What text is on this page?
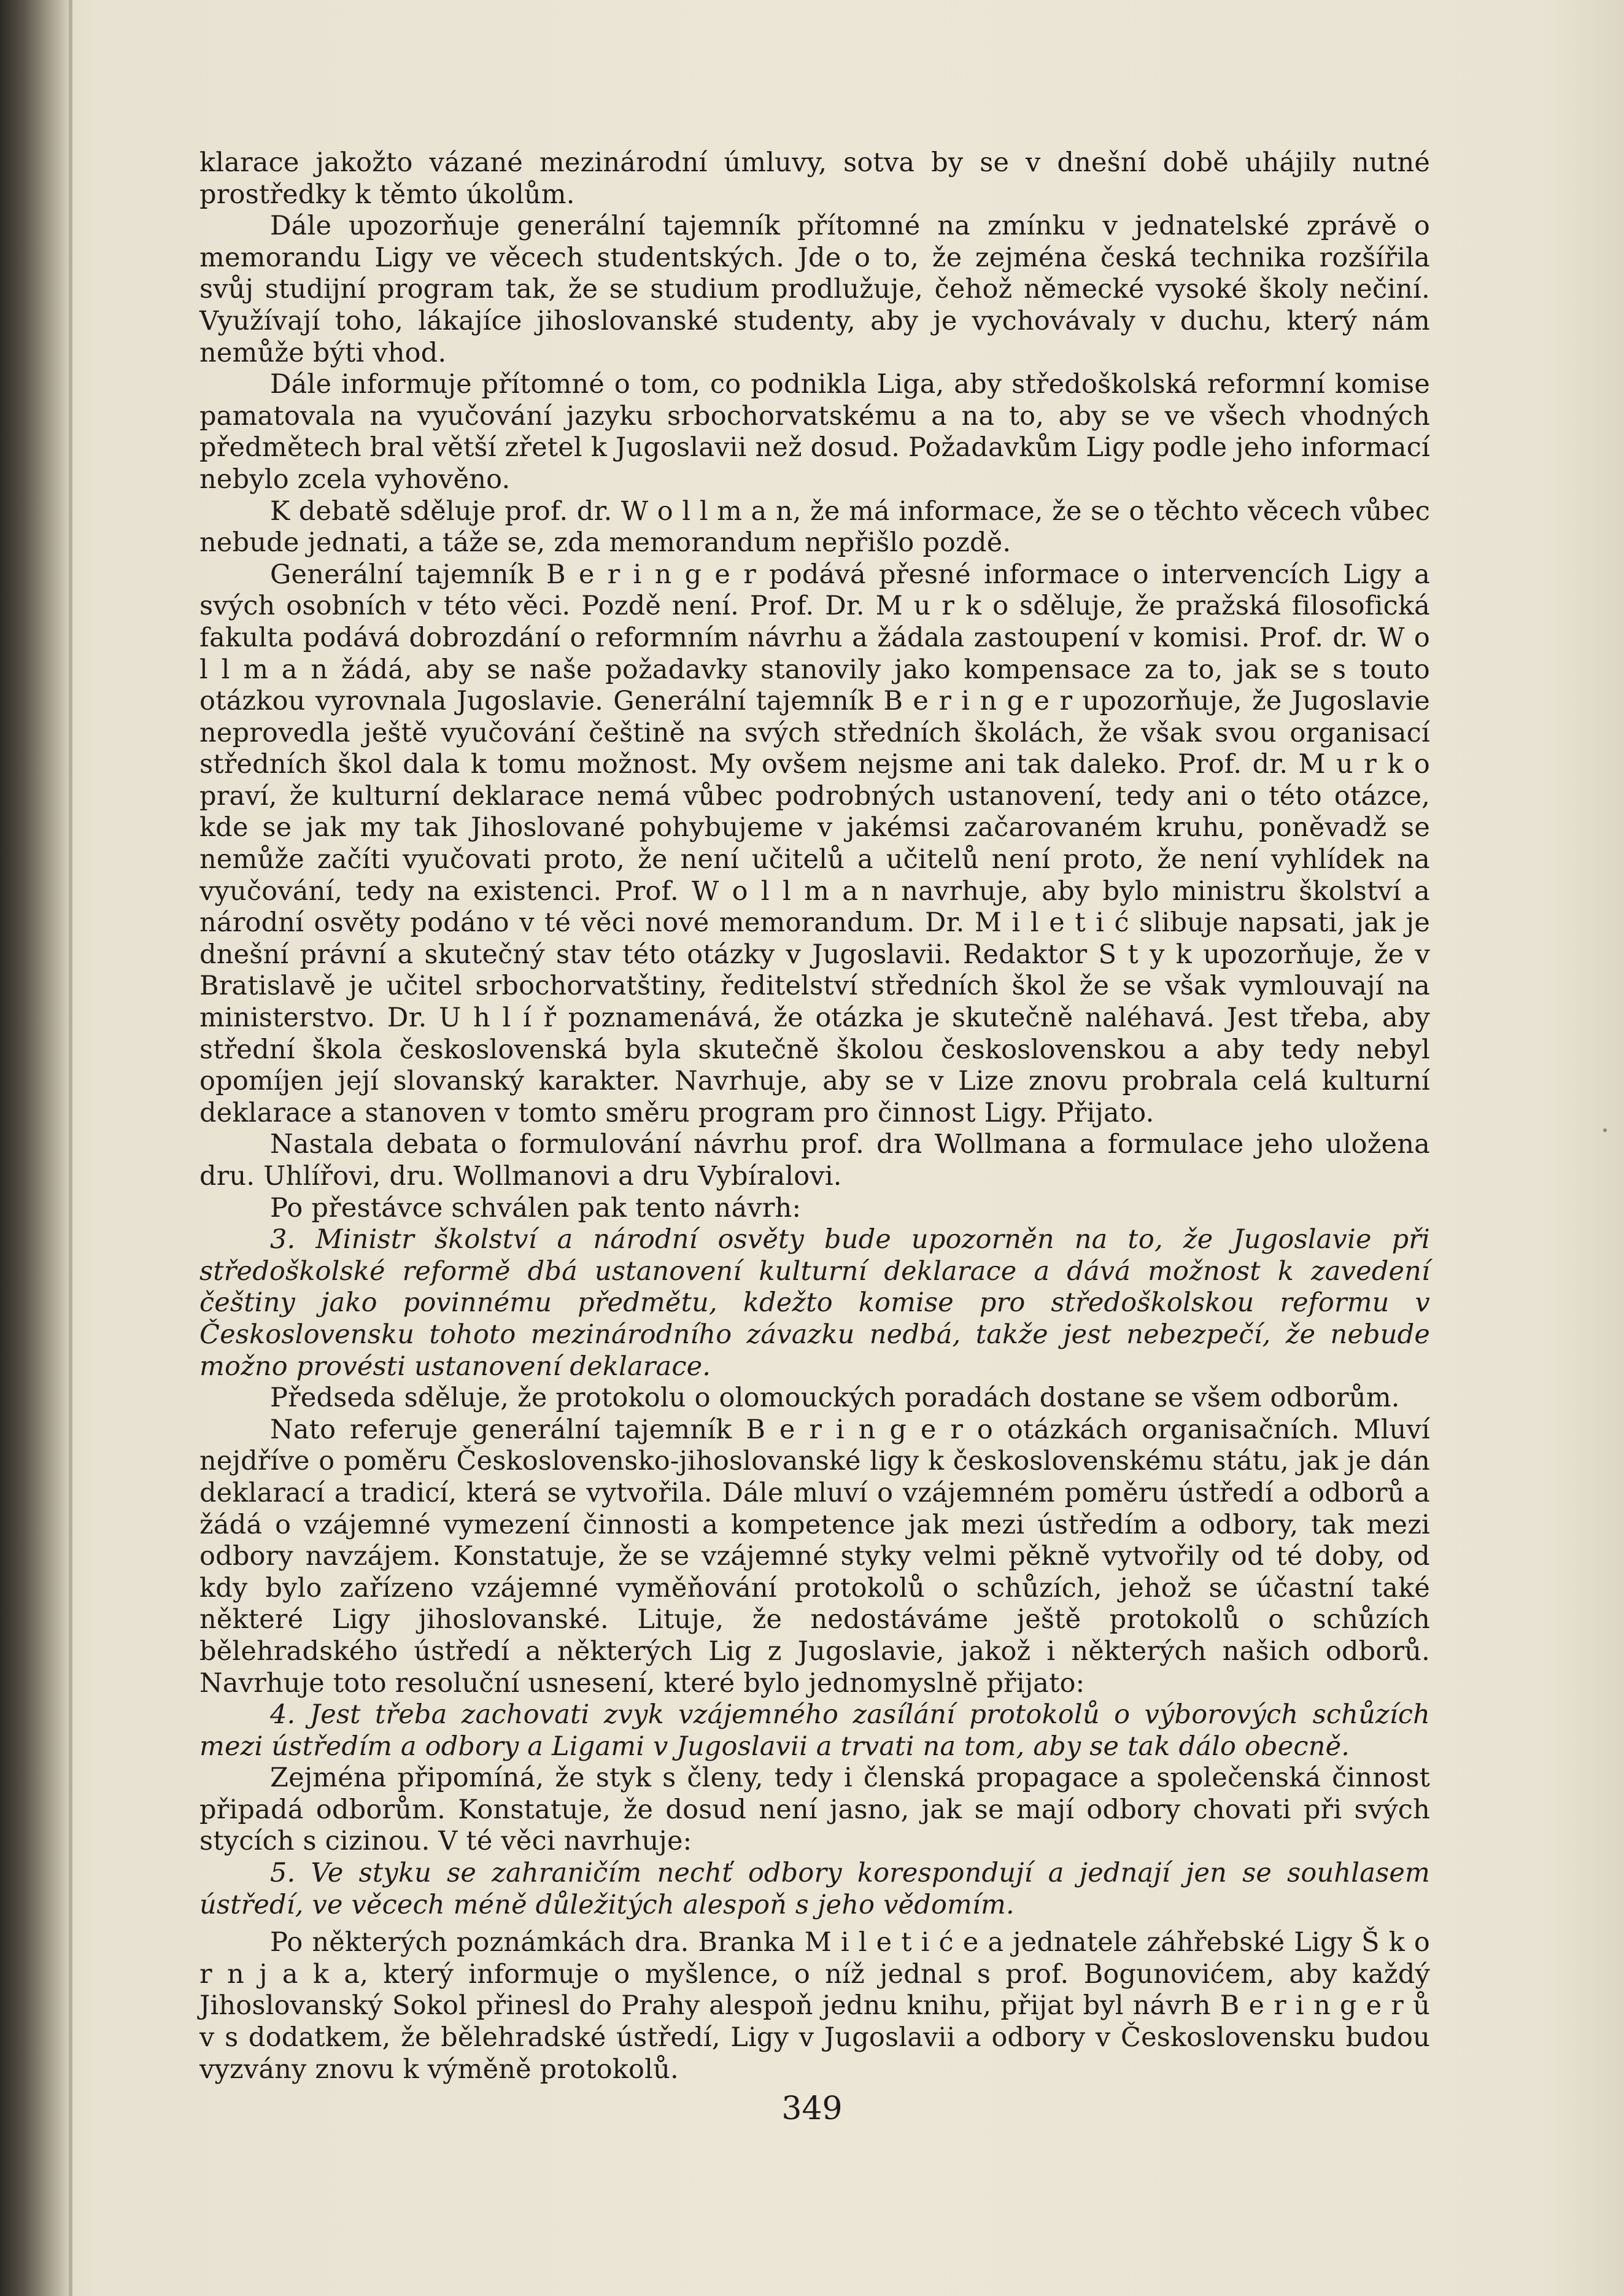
klarace jakožto vázané mezinárodní úmluvy, sotva by se v dnešní době uhájily nutné prostředky k těmto úkolům.

Dále upozorňuje generální tajemník přítomné na zmínku v jednatelské zprávě o memorandu Ligy ve věcech studentských. Jde o to, že zejména česká technika rozšířila svůj studijní program tak, že se studium prodlužuje, čehož německé vysoké školy nečiní. Využívají toho, lákajíce jihoslovanské studenty, aby je vychovávaly v duchu, který nám nemůže býti vhod.

Dále informuje přítomné o tom, co podnikla Liga, aby středoškolská reformní komise pamatovala na vyučování jazyku srbochorvatskému a na to, aby se ve všech vhodných předmětech bral větší zřetel k Jugoslavii než dosud. Požadavkům Ligy podle jeho informací nebylo zcela vyhověno.

K debatě sděluje prof. dr. W o l l m a n, že má informace, že se o těchto věcech vůbec nebude jednati, a táže se, zda memorandum nepřišlo pozdě.

Generální tajemník B e r i n g e r podává přesné informace o intervencích Ligy a svých osobních v této věci. Pozdě není. Prof. Dr. M u r k o sděluje, že pražská filosofická fakulta podává dobrozdání o reformním návrhu a žádala zastoupení v komisi. Prof. dr. W o l l m a n žádá, aby se naše požadavky stanovily jako kompensace za to, jak se s touto otázkou vyrovnala Jugoslavie. Generální tajemník B e r i n g e r upozorňuje, že Jugoslavie neprovedla ještě vyučování češtině na svých středních školách, že však svou organisací středních škol dala k tomu možnost. My ovšem nejsme ani tak daleko. Prof. dr. M u r k o praví, že kulturní deklarace nemá vůbec podrobných ustanovení, tedy ani o této otázce, kde se jak my tak Jihoslované pohybujeme v jakémsi začarovaném kruhu, poněvadž se nemůže začíti vyučovati proto, že není učitelů a učitelů není proto, že není vyhlídek na vyučování, tedy na existenci. Prof. W o l l m a n navrhuje, aby bylo ministru školství a národní osvěty podáno v té věci nové memorandum. Dr. M i l e t i ć slibuje napsati, jak je dnešní právní a skutečný stav této otázky v Jugoslavii. Redaktor S t y k upozorňuje, že v Bratislavě je učitel srbochorvatštiny, ředitelství středních škol že se však vymlouvají na ministerstvo. Dr. U h l í ř poznamenává, že otázka je skutečně naléhavá. Jest třeba, aby střední škola československá byla skutečně školou československou a aby tedy nebyl opomíjen její slovanský karakter. Navrhuje, aby se v Lize znovu probrala celá kulturní deklarace a stanoven v tomto směru program pro činnost Ligy. Přijato.

Nastala debata o formulování návrhu prof. dra Wollmana a formulace jeho uložena dru. Uhlířovi, dru. Wollmanovi a dru Vybíralovi.

Po přestávce schválen pak tento návrh:

3. Ministr školství a národní osvěty bude upozorněn na to, že Jugoslavie při středoškolské reformě dbá ustanovení kulturní deklarace a dává možnost k zavedení češtiny jako povinnému předmětu, kdežto komise pro středoškolskou reformu v Československu tohoto mezinárodního závazku nedbá, takže jest nebezpečí, že nebude možno provésti ustanovení deklarace.

Předseda sděluje, že protokolu o olomouckých poradách dostane se všem odborům.

Nato referuje generální tajemník B e r i n g e r o otázkách organisačních. Mluví nejdříve o poměru Československo-jihoslovanské ligy k československému státu, jak je dán deklarací a tradicí, která se vytvořila. Dále mluví o vzájemném poměru ústředí a odborů a žádá o vzájemné vymezení činnosti a kompetence jak mezi ústředím a odbory, tak mezi odbory navzájem. Konstatuje, že se vzájemné styky velmi pěkně vytvořily od té doby, od kdy bylo zařízeno vzájemné vyměňování protokolů o schůzích, jehož se účastní také některé Ligy jihoslovanské. Lituje, že nedostáváme ještě protokolů o schůzích bělehradského ústředí a některých Lig z Jugoslavie, jakož i některých našich odborů. Navrhuje toto resoluční usnesení, které bylo jednomyslně přijato:

4. Jest třeba zachovati zvyk vzájemného zasílání protokolů o výborových schůzích mezi ústředím a odbory a Ligami v Jugoslavii a trvati na tom, aby se tak dálo obecně.

Zejména připomíná, že styk s členy, tedy i členská propagace a společenská činnost připadá odborům. Konstatuje, že dosud není jasno, jak se mají odbory chovati při svých stycích s cizinou. V té věci navrhuje:

5. Ve styku se zahraničím nechť odbory korespondují a jednají jen se souhlasem ústředí, ve věcech méně důležitých alespoň s jeho vědomím.

Po některých poznámkách dra. Branka M i l e t i ć e a jednatele záhřebské Ligy Š k o r n j a k a, který informuje o myšlence, o níž jednal s prof. Bogunovićem, aby každý Jihoslovanský Sokol přinesl do Prahy alespoň jednu knihu, přijat byl návrh B e r i n g e r ů v s dodatkem, že bělehradské ústředí, Ligy v Jugoslavii a odbory v Československu budou vyzvány znovu k výměně protokolů.

349
